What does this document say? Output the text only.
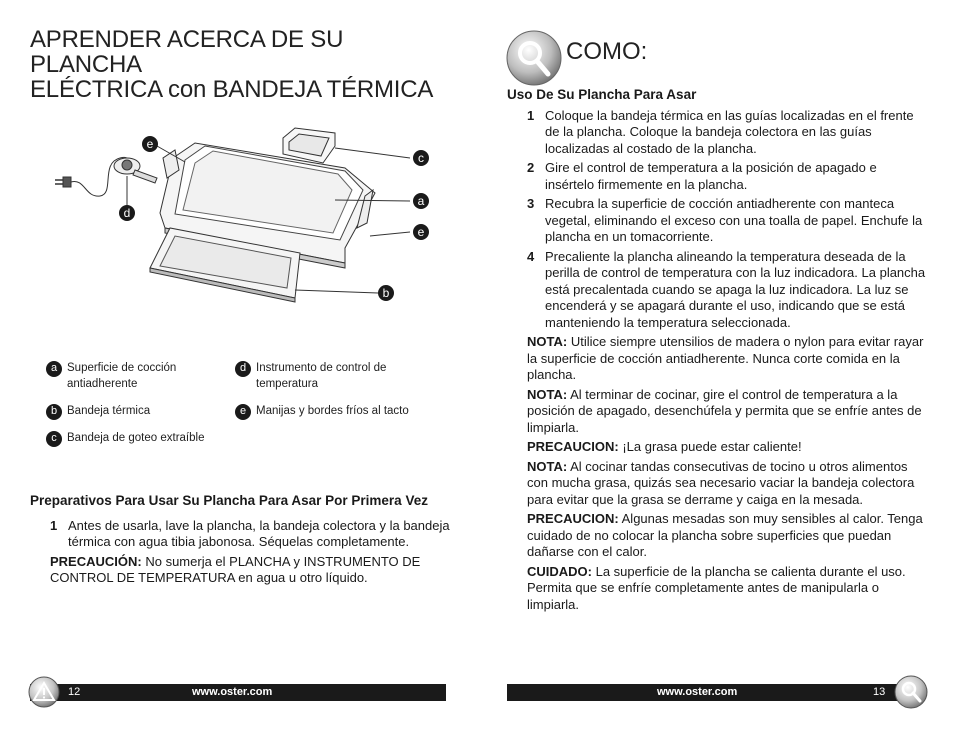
APRENDER ACERCA DE SU PLANCHA
ELÉCTRICA con BANDEJA TÉRMICA
e
d
c
a
e
b
a Superficie de cocción antiadherente
b Bandeja térmica
c Bandeja de goteo extraíble
d Instrumento de control de temperatura
e Manijas y bordes fríos al tacto
Preparativos Para Usar Su Plancha Para Asar Por Primera Vez
1 Antes de usarla, lave la plancha, la bandeja colectora y la bandeja térmica con agua tibia jabonosa. Séquelas completamente.
PRECAUCIÓN: No sumerja el PLANCHA y INSTRUMENTO DE CONTROL DE TEMPERATURA en agua u otro líquido.
COMO:
Uso De Su Plancha Para Asar
1 Coloque la bandeja térmica en las guías localizadas en el frente de la plancha. Coloque la bandeja colectora en las guías localizadas al costado de la plancha.
2 Gire el control de temperatura a la posición de apagado e insértelo firmemente en la plancha.
3 Recubra la superficie de cocción antiadherente con manteca vegetal, eliminando el exceso con una toalla de papel. Enchufe la plancha en un tomacorriente.
4 Precaliente la plancha alineando la temperatura deseada de la perilla de control de temperatura con la luz indicadora. La plancha está precalentada cuando se apaga la luz indicadora. La luz se encenderá y se apagará durante el uso, indicando que se está manteniendo la temperatura seleccionada.
NOTA: Utilice siempre utensilios de madera o nylon para evitar rayar la superficie de cocción antiadherente. Nunca corte comida en la plancha.
NOTA: Al terminar de cocinar, gire el control de temperatura a la posición de apagado, desenchúfela y permita que se enfríe antes de limpiarla.
PRECAUCION: ¡La grasa puede estar caliente!
NOTA: Al cocinar tandas consecutivas de tocino u otros alimentos con mucha grasa, quizás sea necesario vaciar la bandeja colectora para evitar que la grasa se derrame y caiga en la mesada.
PRECAUCION: Algunas mesadas son muy sensibles al calor. Tenga cuidado de no colocar la plancha sobre superficies que puedan dañarse con el calor.
CUIDADO: La superficie de la plancha se calienta durante el uso. Permita que se enfríe completamente antes de manipularla o limpiarla.
12	www.oster.com	www.oster.com	13
